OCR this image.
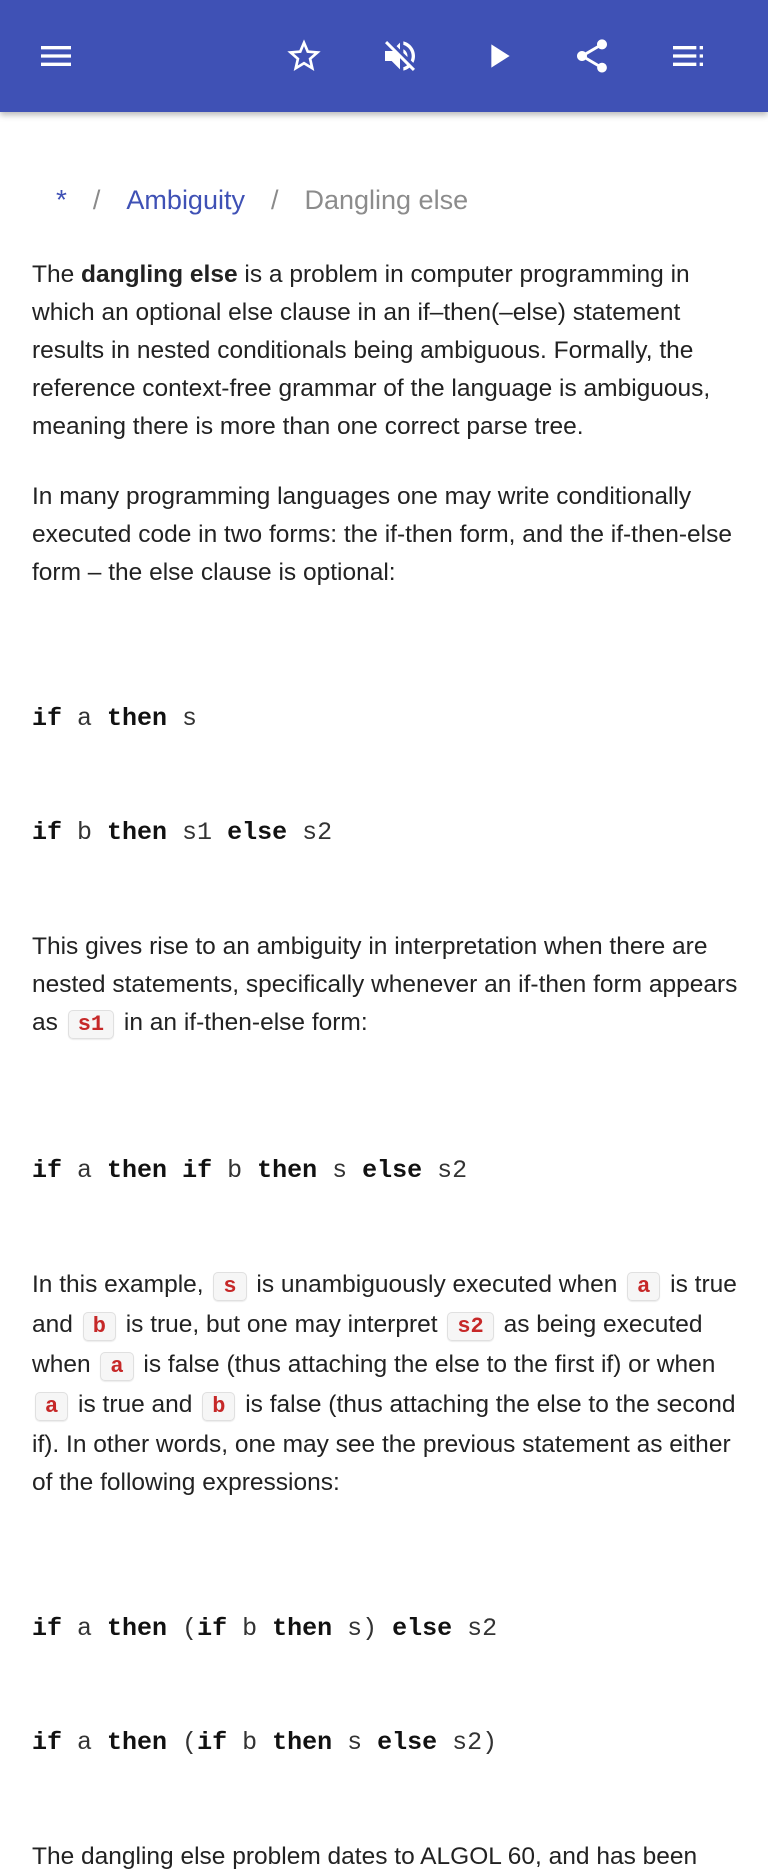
* / Ambiguity / Dangling else

The dangling else is a problem in computer programming in which an optional else clause in an if–then(–else) statement results in nested conditionals being ambiguous. Formally, the reference context-free grammar of the language is ambiguous, meaning there is more than one correct parse tree.

In many programming languages one may write conditionally executed code in two forms: the if-then form, and the if-then-else form – the else clause is optional:

if a then s

if b then s1 else s2

This gives rise to an ambiguity in interpretation when there are nested statements, specifically whenever an if-then form appears as s1 in an if-then-else form:

if a then if b then s else s2

In this example, s is unambiguously executed when a is true and b is true, but one may interpret s2 as being executed when a is false (thus attaching the else to the first if) or when a is true and b is false (thus attaching the else to the second if). In other words, one may see the previous statement as either of the following expressions:

if a then (if b then s) else s2

if a then (if b then s else s2)

The dangling else problem dates to ALGOL 60, and has been
